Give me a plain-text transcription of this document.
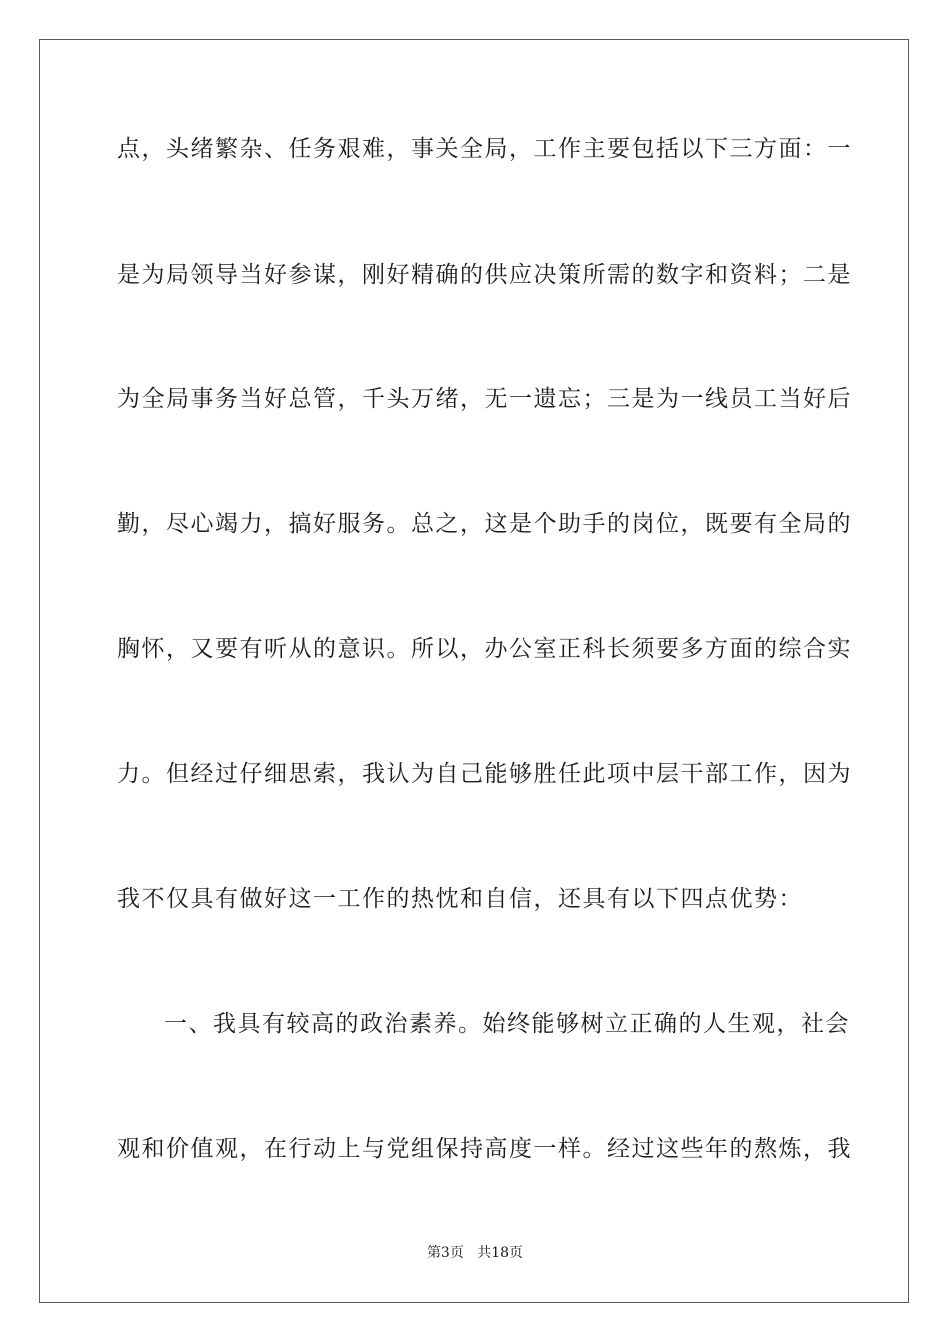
点，头绪繁杂、任务艰难，事关全局，工作主要包括以下三方面：一
是为局领导当好参谋，刚好精确的供应决策所需的数字和资料；二是
为全局事务当好总管，千头万绪，无一遗忘；三是为一线员工当好后
勤，尽心竭力，搞好服务。总之，这是个助手的岗位，既要有全局的
胸怀，又要有听从的意识。所以，办公室正科长须要多方面的综合实
力。但经过仔细思索，我认为自己能够胜任此项中层干部工作，因为
我不仅具有做好这一工作的热忱和自信，还具有以下四点优势：
一、我具有较高的政治素养。始终能够树立正确的人生观，社会
观和价值观，在行动上与党组保持高度一样。经过这些年的熬炼，我
第3页 共18页
